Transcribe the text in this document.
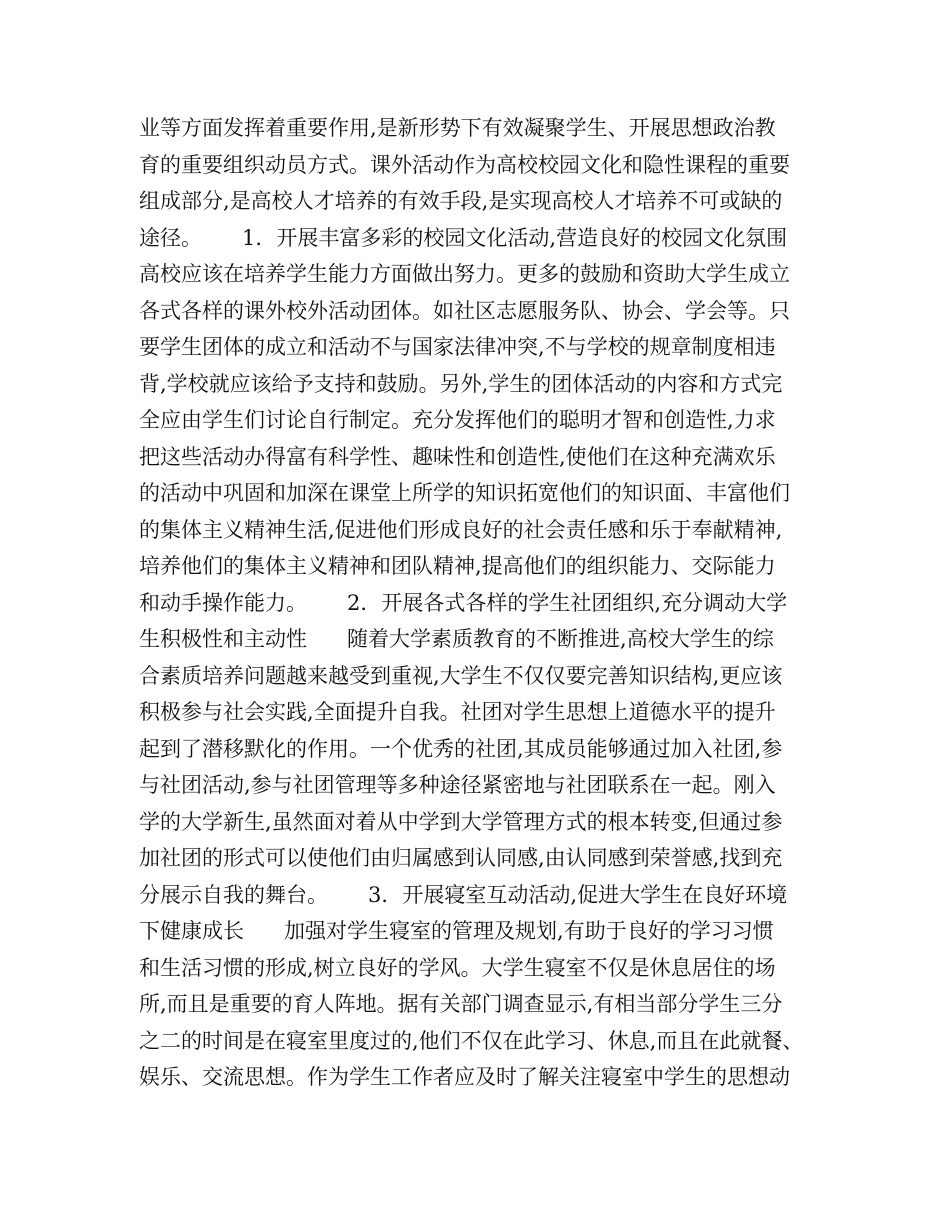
业等方面发挥着重要作用,是新形势下有效凝聚学生、开展思想政治教
育的重要组织动员方式。课外活动作为高校校园文化和隐性课程的重要
组成部分,是高校人才培养的有效手段,是实现高校人才培养不可或缺的
途径。      1．开展丰富多彩的校园文化活动,营造良好的校园文化氛围
高校应该在培养学生能力方面做出努力。更多的鼓励和资助大学生成立
各式各样的课外校外活动团体。如社区志愿服务队、协会、学会等。只
要学生团体的成立和活动不与国家法律冲突,不与学校的规章制度相违
背,学校就应该给予支持和鼓励。另外,学生的团体活动的内容和方式完
全应由学生们讨论自行制定。充分发挥他们的聪明才智和创造性,力求
把这些活动办得富有科学性、趣味性和创造性,使他们在这种充满欢乐
的活动中巩固和加深在课堂上所学的知识拓宽他们的知识面、丰富他们
的集体主义精神生活,促进他们形成良好的社会责任感和乐于奉献精神,
培养他们的集体主义精神和团队精神,提高他们的组织能力、交际能力
和动手操作能力。      2．开展各式各样的学生社团组织,充分调动大学
生积极性和主动性      随着大学素质教育的不断推进,高校大学生的综
合素质培养问题越来越受到重视,大学生不仅仅要完善知识结构,更应该
积极参与社会实践,全面提升自我。社团对学生思想上道德水平的提升
起到了潜移默化的作用。一个优秀的社团,其成员能够通过加入社团,参
与社团活动,参与社团管理等多种途径紧密地与社团联系在一起。刚入
学的大学新生,虽然面对着从中学到大学管理方式的根本转变,但通过参
加社团的形式可以使他们由归属感到认同感,由认同感到荣誉感,找到充
分展示自我的舞台。      3．开展寝室互动活动,促进大学生在良好环境
下健康成长      加强对学生寝室的管理及规划,有助于良好的学习习惯
和生活习惯的形成,树立良好的学风。大学生寝室不仅是休息居住的场
所,而且是重要的育人阵地。据有关部门调查显示,有相当部分学生三分
之二的时间是在寝室里度过的,他们不仅在此学习、休息,而且在此就餐、
娱乐、交流思想。作为学生工作者应及时了解关注寝室中学生的思想动
